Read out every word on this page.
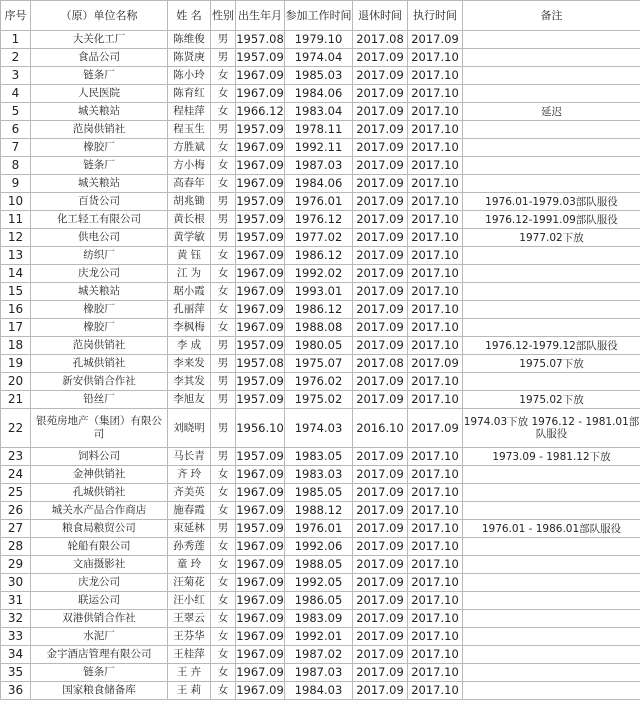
序号	（原）单位名称	姓 名	性别	出生年月	参加工作时间	退休时间	执行时间	备注
1	大关化工厂	陈维俊	男	1957.08	1979.10	2017.08	2017.09	
2	食品公司	陈贤庚	男	1957.09	1974.04	2017.09	2017.10	
3	链条厂	陈小玲	女	1967.09	1985.03	2017.09	2017.10	
4	人民医院	陈育红	女	1967.09	1984.06	2017.09	2017.10	
5	城关粮站	程桂萍	女	1966.12	1983.04	2017.09	2017.10	延迟
6	范岗供销社	程玉生	男	1957.09	1978.11	2017.09	2017.10	
7	橡胶厂	方胜斌	女	1967.09	1992.11	2017.09	2017.10	
8	链条厂	方小梅	女	1967.09	1987.03	2017.09	2017.10	
9	城关粮站	高春年	女	1967.09	1984.06	2017.09	2017.10	
10	百货公司	胡兆锄	男	1957.09	1976.01	2017.09	2017.10	1976.01-1979.03部队服役
11	化工轻工有限公司	黄长根	男	1957.09	1976.12	2017.09	2017.10	1976.12-1991.09部队服役
12	供电公司	黄学敏	男	1957.09	1977.02	2017.09	2017.10	1977.02下放
13	纺织厂	黄 钰	女	1967.09	1986.12	2017.09	2017.10	
14	庆龙公司	江 为	女	1967.09	1992.02	2017.09	2017.10	
15	城关粮站	琚小霞	女	1967.09	1993.01	2017.09	2017.10	
16	橡胶厂	孔丽萍	女	1967.09	1986.12	2017.09	2017.10	
17	橡胶厂	李枫梅	女	1967.09	1988.08	2017.09	2017.10	
18	范岗供销社	李 成	男	1957.09	1980.05	2017.09	2017.10	1976.12-1979.12部队服役
19	孔城供销社	李来发	男	1957.08	1975.07	2017.08	2017.09	1975.07下放
20	新安供销合作社	李其发	男	1957.09	1976.02	2017.09	2017.10	
21	铅丝厂	李旭友	男	1957.09	1975.02	2017.09	2017.10	1975.02下放
22	银苑房地产（集团）有限公司	刘晓明	男	1956.10	1974.03	2016.10	2017.09	1974.03下放 1976.12 - 1981.01部队服役
23	饲料公司	马长青	男	1957.09	1983.05	2017.09	2017.10	1973.09 - 1981.12下放
24	金神供销社	齐 玲	女	1967.09	1983.03	2017.09	2017.10	
25	孔城供销社	齐美英	女	1967.09	1985.05	2017.09	2017.10	
26	城关水产品合作商店	施春霞	女	1967.09	1988.12	2017.09	2017.10	
27	粮食局粮贸公司	束延林	男	1957.09	1976.01	2017.09	2017.10	1976.01 - 1986.01部队服役
28	轮船有限公司	孙秀莲	女	1967.09	1992.06	2017.09	2017.10	
29	文庙摄影社	童 玲	女	1967.09	1988.05	2017.09	2017.10	
30	庆龙公司	汪菊花	女	1967.09	1992.05	2017.09	2017.10	
31	联运公司	汪小红	女	1967.09	1986.05	2017.09	2017.10	
32	双港供销合作社	王翠云	女	1967.09	1983.09	2017.09	2017.10	
33	水泥厂	王芬华	女	1967.09	1992.01	2017.09	2017.10	
34	金宇酒店管理有限公司	王桂萍	女	1967.09	1987.02	2017.09	2017.10	
35	链条厂	王 卉	女	1967.09	1987.03	2017.09	2017.10	
36	国家粮食储备库	王 莉	女	1967.09	1984.03	2017.09	2017.10	
